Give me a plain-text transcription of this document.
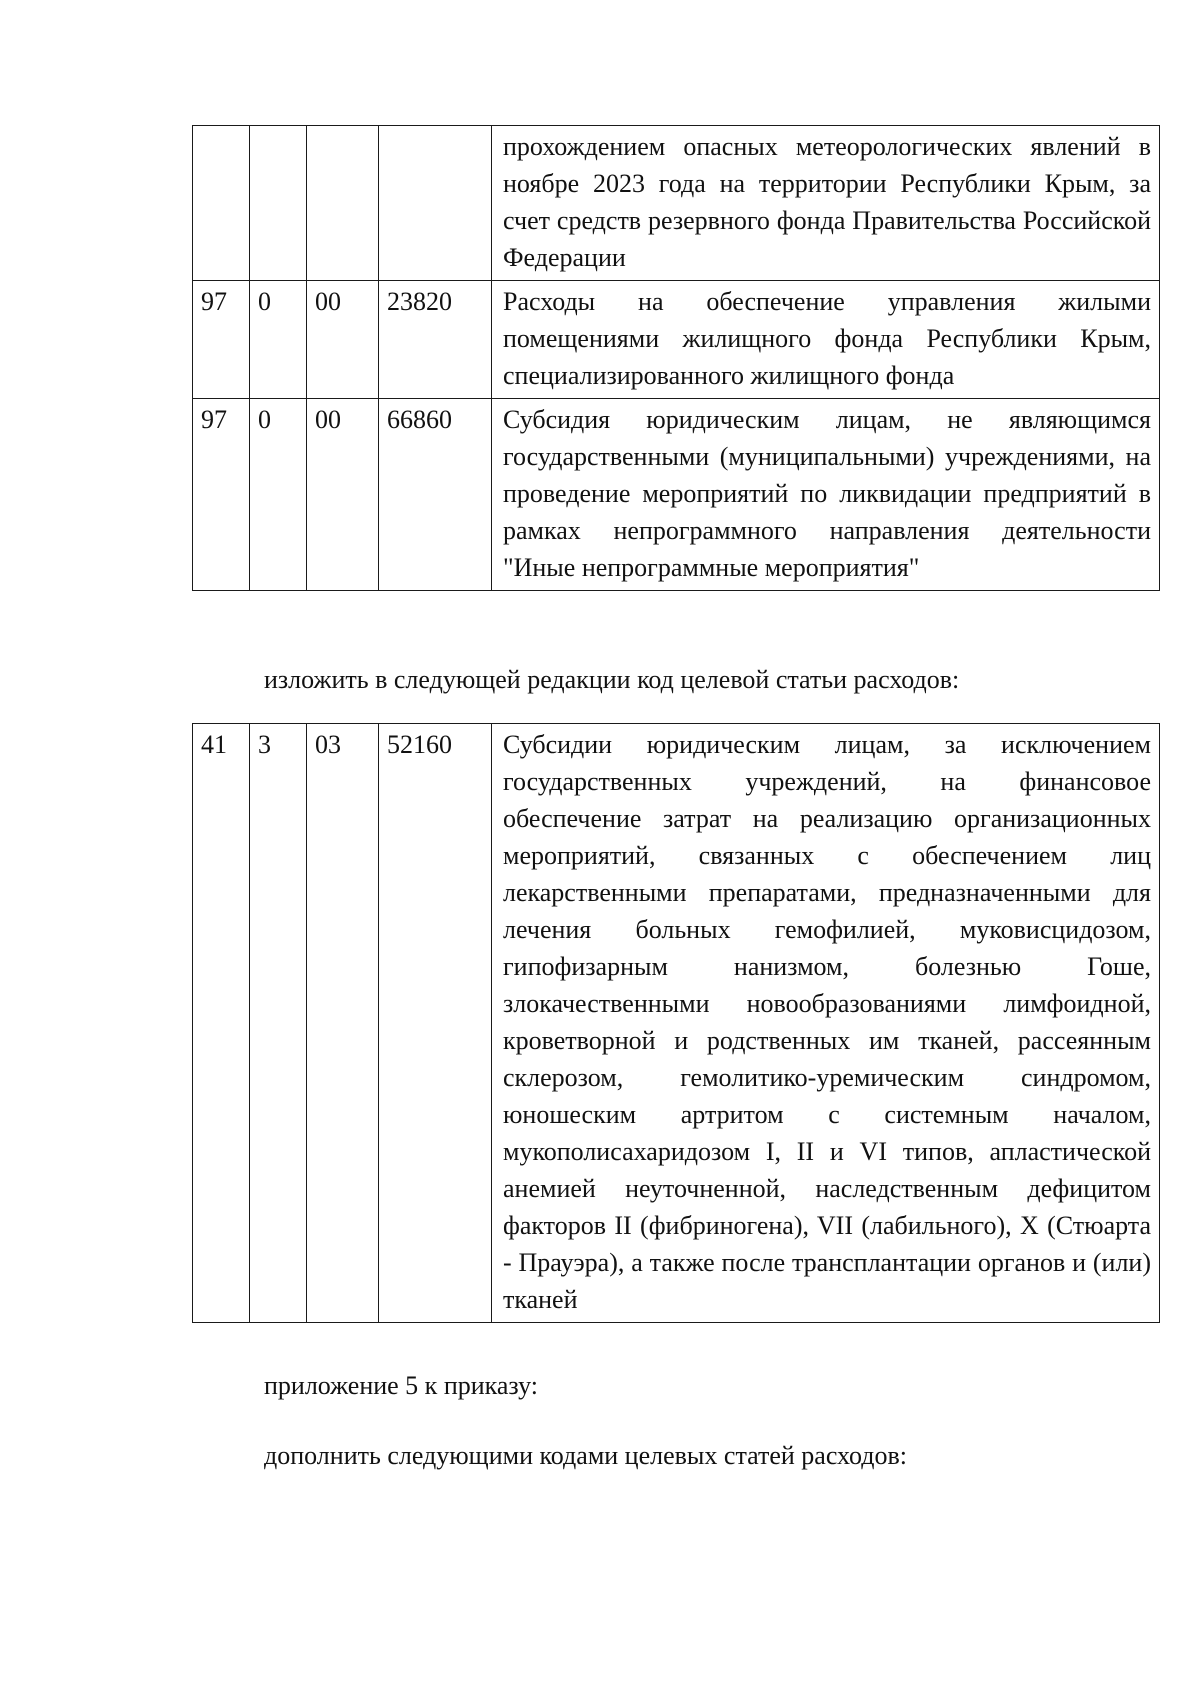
				прохождением опасных метеорологических явлений в ноябре 2023 года на территории Республики Крым, за счет средств резервного фонда Правительства Российской Федерации
97	0	00	23820	Расходы на обеспечение управления жилыми помещениями жилищного фонда Республики Крым, специализированного жилищного фонда
97	0	00	66860	Субсидия юридическим лицам, не являющимся государственными (муниципальными) учреждениями, на проведение мероприятий по ликвидации предприятий в рамках непрограммного направления деятельности "Иные непрограммные мероприятия"
изложить в следующей редакции код целевой статьи расходов:
41	3	03	52160	Субсидии юридическим лицам, за исключением государственных учреждений, на финансовое обеспечение затрат на реализацию организационных мероприятий, связанных с обеспечением лиц лекарственными препаратами, предназначенными для лечения больных гемофилией, муковисцидозом, гипофизарным нанизмом, болезнью Гоше, злокачественными новообразованиями лимфоидной, кроветворной и родственных им тканей, рассеянным склерозом, гемолитико-уремическим синдромом, юношеским артритом с системным началом, мукополисахаридозом I, II и VI типов, апластической анемией неуточненной, наследственным дефицитом факторов II (фибриногена), VII (лабильного), X (Стюарта - Прауэра), а также после трансплантации органов и (или) тканей
приложение 5 к приказу:
дополнить следующими кодами целевых статей расходов:
